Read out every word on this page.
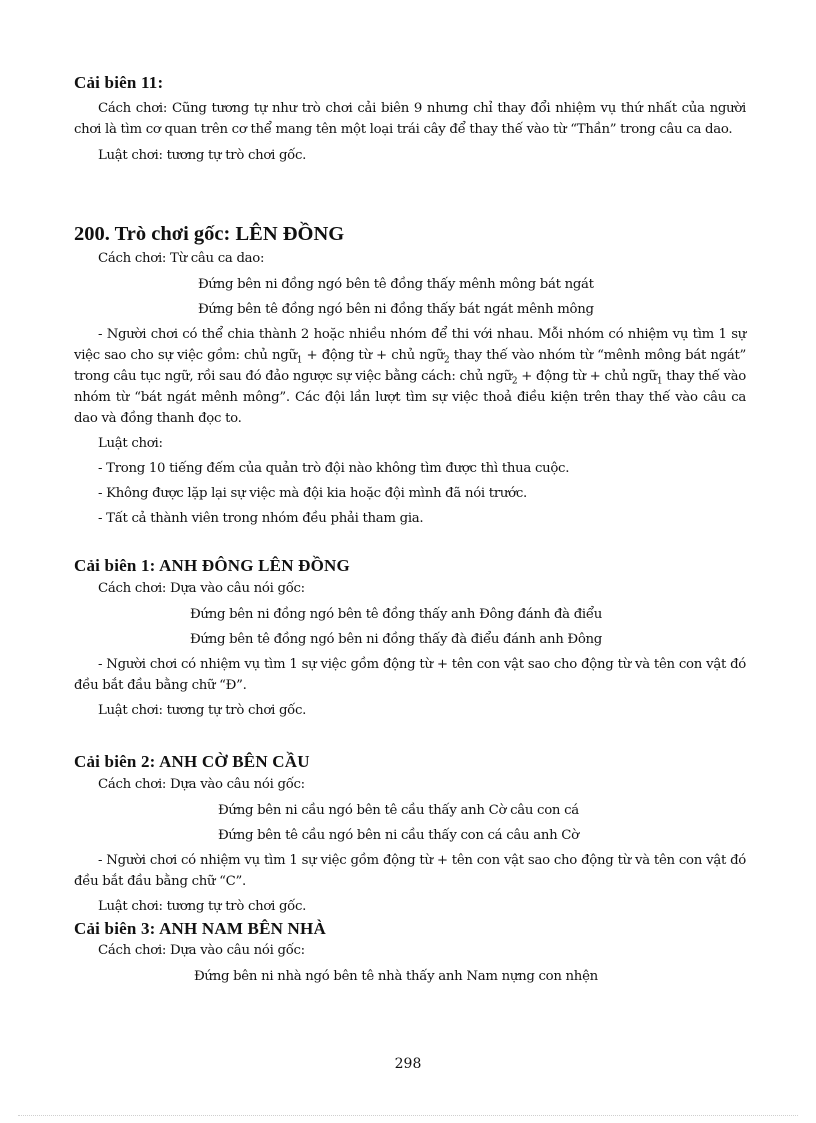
Cải biên 11:

Cách chơi: Cũng tương tự như trò chơi cải biên 9 nhưng chỉ thay đổi nhiệm vụ thứ nhất của người chơi là tìm cơ quan trên cơ thể mang tên một loại trái cây để thay thế vào từ “Thần” trong câu ca dao.

Luật chơi: tương tự trò chơi gốc.

200. Trò chơi gốc: LÊN ĐỒNG

Cách chơi: Từ câu ca dao:

Đứng bên ni đồng ngó bên tê đồng thấy mênh mông bát ngát

Đứng bên tê đồng ngó bên ni đồng thấy bát ngát mênh mông

- Người chơi có thể chia thành 2 hoặc nhiều nhóm để thi với nhau. Mỗi nhóm có nhiệm vụ tìm 1 sự việc sao cho sự việc gồm: chủ ngữ$_1$ + động từ + chủ ngữ$_2$ thay thế vào nhóm từ “mênh mông bát ngát” trong câu tục ngữ, rồi sau đó đảo ngược sự việc bằng cách: chủ ngữ$_2$ + động từ + chủ ngữ$_1$ thay thế vào nhóm từ “bát ngát mênh mông”. Các đội lần lượt tìm sự việc thoả điều kiện trên thay thế vào câu ca dao và đồng thanh đọc to.

Luật chơi:

- Trong 10 tiếng đếm của quản trò đội nào không tìm được thì thua cuộc.

- Không được lặp lại sự việc mà đội kia hoặc đội mình đã nói trước.

- Tất cả thành viên trong nhóm đều phải tham gia.

Cải biên 1: ANH ĐÔNG LÊN ĐỒNG

Cách chơi: Dựa vào câu nói gốc:

Đứng bên ni đồng ngó bên tê đồng thấy anh Đông đánh đà điểu

Đứng bên tê đồng ngó bên ni đồng thấy đà điểu đánh anh Đông

- Người chơi có nhiệm vụ tìm 1 sự việc gồm động từ + tên con vật sao cho động từ và tên con vật đó đều bắt đầu bằng chữ “Đ”.

Luật chơi: tương tự trò chơi gốc.

Cải biên 2: ANH CỜ BÊN CẦU

Cách chơi: Dựa vào câu nói gốc:

Đứng bên ni cầu ngó bên tê cầu thấy anh Cờ câu con cá

Đứng bên tê cầu ngó bên ni cầu thấy con cá câu anh Cờ

- Người chơi có nhiệm vụ tìm 1 sự việc gồm động từ + tên con vật sao cho động từ và tên con vật đó đều bắt đầu bằng chữ “C”.

Luật chơi: tương tự trò chơi gốc.

Cải biên 3: ANH NAM BÊN NHÀ

Cách chơi: Dựa vào câu nói gốc:

Đứng bên ni nhà ngó bên tê nhà thấy anh Nam nựng con nhện

298
